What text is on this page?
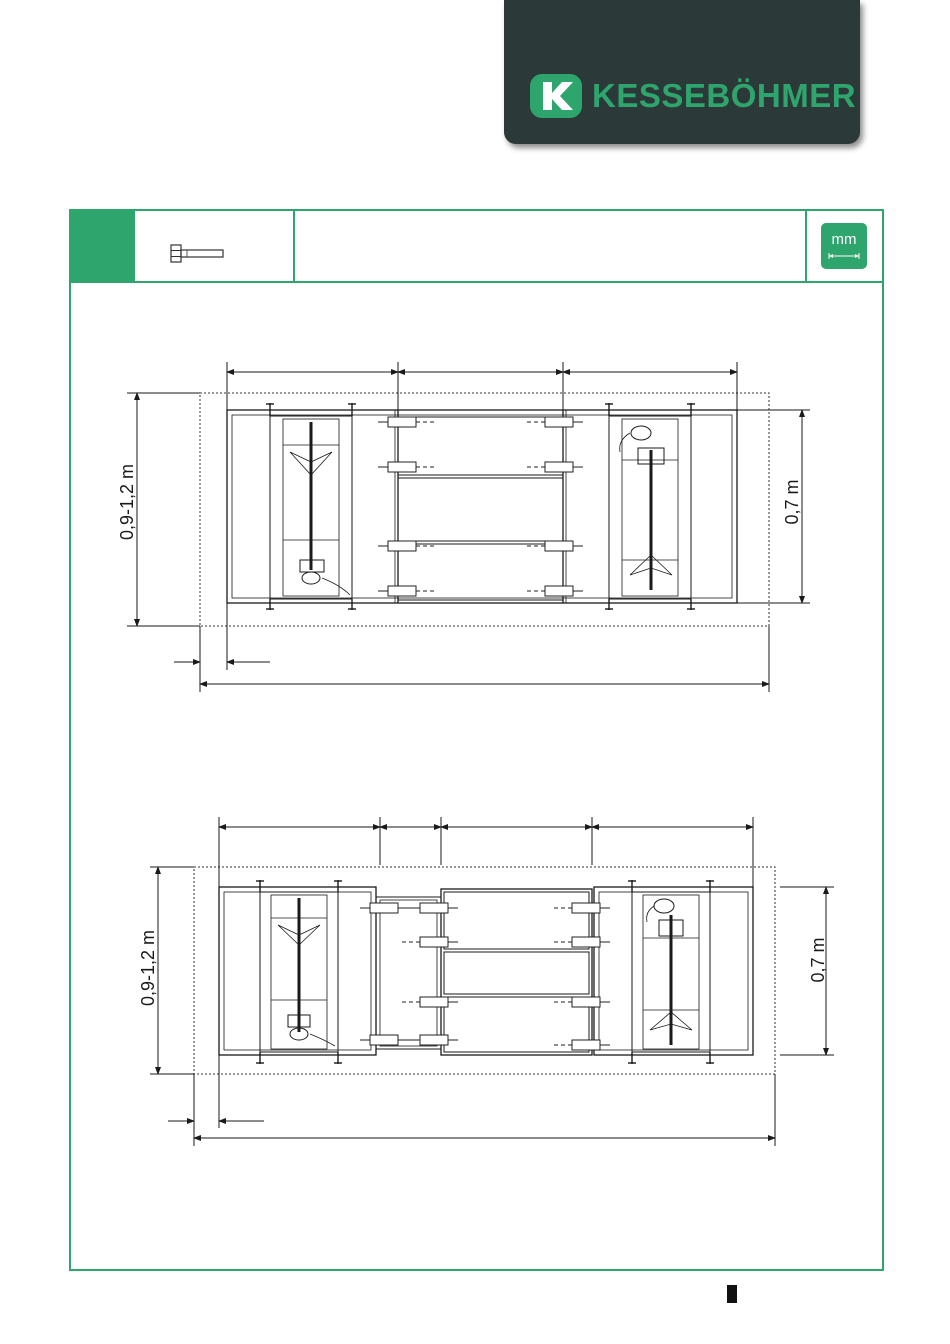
KESSEBÖHMER
mm
0,9-1,2 m	0,7 m
0,9-1,2 m	0,7 m
